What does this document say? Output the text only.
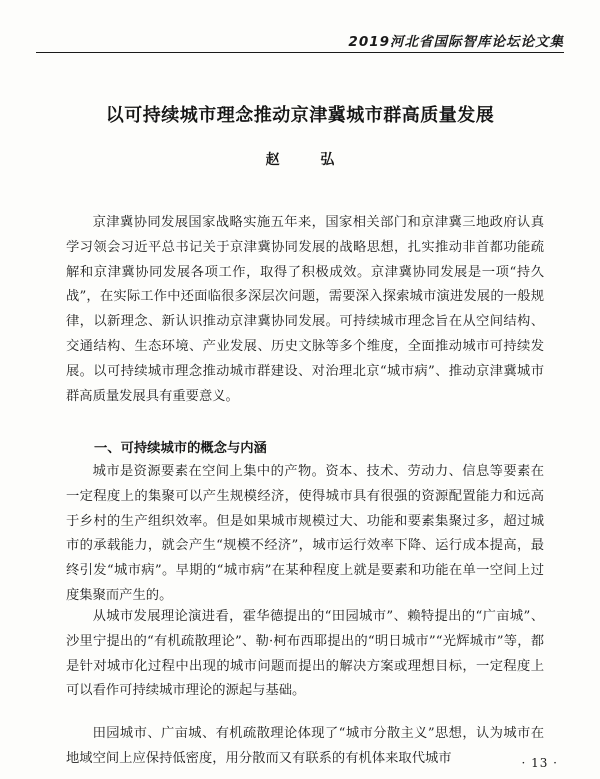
2019河北省国际智库论坛论文集
以可持续城市理念推动京津冀城市群高质量发展
赵 弘

京津冀协同发展国家战略实施五年来，国家相关部门和京津冀三地政府认真学习领会习近平总书记关于京津冀协同发展的战略思想，扎实推动非首都功能疏解和京津冀协同发展各项工作，取得了积极成效。京津冀协同发展是一项“持久战”，在实际工作中还面临很多深层次问题，需要深入探索城市演进发展的一般规律，以新理念、新认识推动京津冀协同发展。可持续城市理念旨在从空间结构、交通结构、生态环境、产业发展、历史文脉等多个维度，全面推动城市可持续发展。以可持续城市理念推动城市群建设、对治理北京“城市病”、推动京津冀城市群高质量发展具有重要意义。

一、可持续城市的概念与内涵

城市是资源要素在空间上集中的产物。资本、技术、劳动力、信息等要素在一定程度上的集聚可以产生规模经济，使得城市具有很强的资源配置能力和远高于乡村的生产组织效率。但是如果城市规模过大、功能和要素集聚过多，超过城市的承载能力，就会产生“规模不经济”，城市运行效率下降、运行成本提高，最终引发“城市病”。早期的“城市病”在某种程度上就是要素和功能在单一空间上过度集聚而产生的。

从城市发展理论演进看，霍华德提出的“田园城市”、赖特提出的“广亩城”、沙里宁提出的“有机疏散理论”、勒·柯布西耶提出的“明日城市”“光辉城市”等，都是针对城市化过程中出现的城市问题而提出的解决方案或理想目标，一定程度上可以看作可持续城市理论的源起与基础。

田园城市、广亩城、有机疏散理论体现了“城市分散主义”思想，认为城市在地域空间上应保持低密度，用分散而又有联系的有机体来取代城市	· 13 ·
